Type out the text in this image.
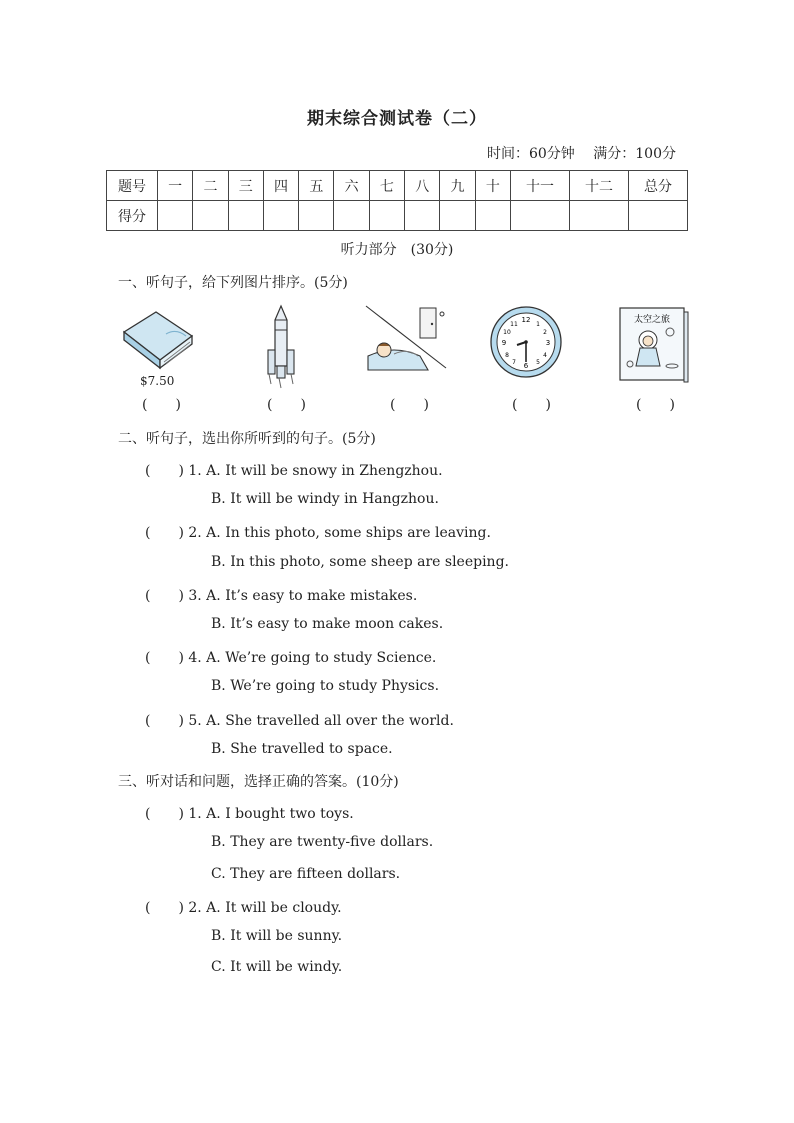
期末综合测试卷（二）
时间：60分钟 满分：100分
题号	一	二	三	四	五	六	七	八	九	十	十一	十二	总分
得分													
听力部分　(30分)
一、听句子，给下列图片排序。(5分)
$7.50
(　　)	(　　)	(　　)
12
3
6
9
1
2
4
5
7
8
10
11
(　　)
太空之旅
(　　)
二、听句子，选出你所听到的句子。(5分)
(　　) 1. A. It will be snowy in Zhengzhou.
B. It will be windy in Hangzhou.
(　　) 2. A. In this photo, some ships are leaving.
B. In this photo, some sheep are sleeping.
(　　) 3. A. It’s easy to make mistakes.
B. It’s easy to make moon cakes.
(　　) 4. A. We’re going to study Science.
B. We’re going to study Physics.
(　　) 5. A. She travelled all over the world.
B. She travelled to space.
三、听对话和问题，选择正确的答案。(10分)
(　　) 1. A. I bought two toys.
B. They are twenty-five dollars.
C. They are fifteen dollars.
(　　) 2. A. It will be cloudy.
B. It will be sunny.
C. It will be windy.
